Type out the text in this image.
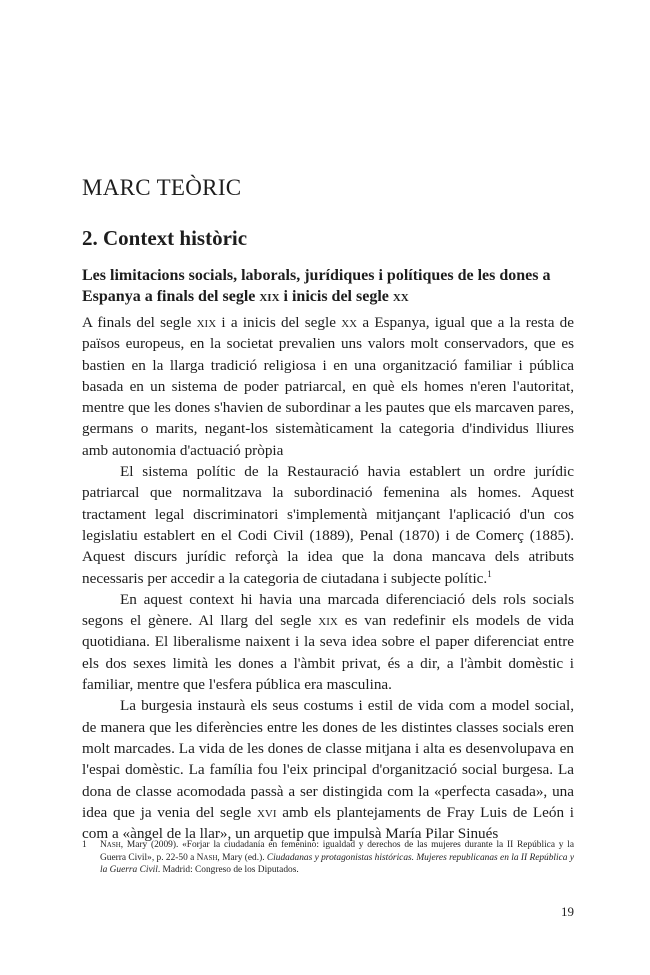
MARC TEÒRIC
2. Context històric
Les limitacions socials, laborals, jurídiques i polítiques de les dones a
Espanya a finals del segle xix i inicis del segle xx

A finals del segle xix i a inicis del segle xx a Espanya, igual que a la resta de països europeus, en la societat prevalien uns valors molt conservadors, que es bastien en la llarga tradició religiosa i en una organització familiar i pública basada en un sistema de poder patriarcal, en què els homes n'eren l'autoritat, mentre que les dones s'havien de subordinar a les pautes que els marcaven pares, germans o marits, negant-los sistemàticament la categoria d'individus lliures amb autonomia d'actuació pròpia

El sistema polític de la Restauració havia establert un ordre jurídic patriarcal que normalitzava la subordinació femenina als homes. Aquest tractament legal discriminatori s'implementà mitjançant l'aplicació d'un cos legislatiu establert en el Codi Civil (1889), Penal (1870) i de Comerç (1885). Aquest discurs jurídic reforçà la idea que la dona mancava dels atributs necessaris per accedir a la categoria de ciutadana i subjecte polític.$^1$

En aquest context hi havia una marcada diferenciació dels rols socials segons el gènere. Al llarg del segle xix es van redefinir els models de vida quotidiana. El liberalisme naixent i la seva idea sobre el paper diferenciat entre els dos sexes limità les dones a l'àmbit privat, és a dir, a l'àmbit domèstic i familiar, mentre que l'esfera pública era masculina.

La burgesia instaurà els seus costums i estil de vida com a model social, de manera que les diferències entre les dones de les distintes classes socials eren molt marcades. La vida de les dones de classe mitjana i alta es desenvolupava en l'espai domèstic. La família fou l'eix principal d'organització social burgesa. La dona de classe acomodada passà a ser distingida com la «perfecta casada», una idea que ja venia del segle xvi amb els plantejaments de Fray Luis de León i com a «àngel de la llar», un arquetip que impulsà María Pilar Sinués

1	Nash, Mary (2009). «Forjar la ciudadanía en femenino: igualdad y derechos de las mujeres durante la II República y la Guerra Civil», p. 22-50 a Nash, Mary (ed.). Ciudadanas y protagonistas históricas. Mujeres republicanas en la II República y la Guerra Civil. Madrid: Congreso de los Diputados.
19
